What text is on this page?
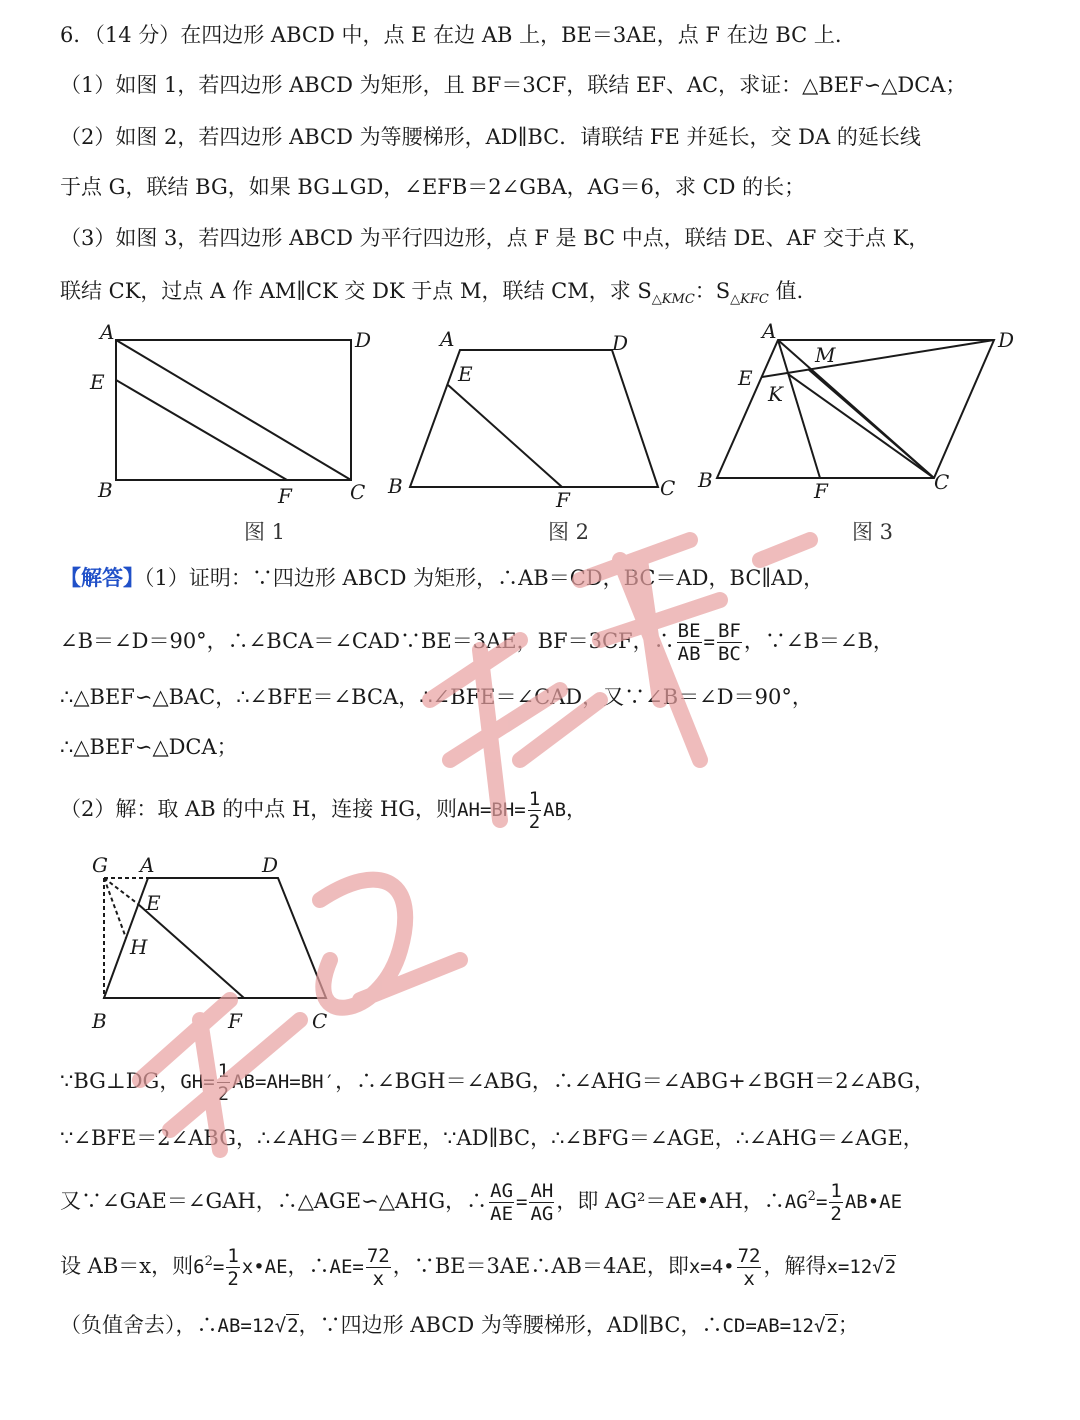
6．（14 分）在四边形 ABCD 中，点 E 在边 AB 上，BE＝3AE，点 F 在边 BC 上.
（1）如图 1，若四边形 ABCD 为矩形，且 BF＝3CF，联结 EF、AC，求证：△BEF∽△DCA；
（2）如图 2，若四边形 ABCD 为等腰梯形，AD∥BC．请联结 FE 并延长，交 DA 的延长线
于点 G，联结 BG，如果 BG⊥GD，∠EFB＝2∠GBA，AG＝6，求 CD 的长；
（3）如图 3，若四边形 ABCD 为平行四边形，点 F 是 BC 中点，联结 DE、AF 交于点 K，
联结 CK，过点 A 作 AM∥CK 交 DK 于点 M，联结 CM，求 $S_{\triangle KMC}$：$S_{\triangle KFC}$ 值.
A	D
E
B	F	C
A	D
E
B
F	C
A	D
M
E
K
B	F	C
图 1	图 2	图 3
【解答】（1）证明：∵四边形 ABCD 为矩形，∴AB＝CD，BC＝AD，BC∥AD，
∠B＝∠D＝90°，∴∠BCA＝∠CAD∵BE＝3AE，BF＝3CF，∴ $\frac{BE}{AB} = \frac{BF}{BC}$ ，∵∠B＝∠B，
∴△BEF∽△BAC，∴∠BFE＝∠BCA，∴∠BFE＝∠CAD，又∵∠B＝∠D＝90°，
∴△BEF∽△DCA；
（2）解：取 AB 的中点 H，连接 HG，则$AH=BH= \frac{1}{2}$ AB，
G A	D
E
H
B	F	C
∵BG⊥DG，$GH= \frac{1}{2} AB=AH=BH'$，∴∠BGH＝∠ABG，∴∠AHG＝∠ABG+∠BGH＝2∠ABG，
∵∠BFE＝2∠ABG，∴∠AHG＝∠BFE，∵AD∥BC，∴∠BFG＝∠AGE，∴∠AHG＝∠AGE，
又∵∠GAE＝∠GAH，∴△AGE∽△AHG，∴ $\frac{AG}{AE} = \frac{AH}{AG}$ ，即 AG²＝AE•AH，$\therefore AG^2= \frac{1}{2}$ AB•AE
设 AB＝x，则$6^2= \frac{1}{2}$ x•AE，∴AE= $\frac{72}{x}$ ，∵BE＝3AE∴AB＝4AE，即x=4• $\frac{72}{x}$ ，解得x=12√2
（负值舍去），∴AB=12√2，∵四边形 ABCD 为等腰梯形，AD∥BC，∴CD=AB=12√2；
